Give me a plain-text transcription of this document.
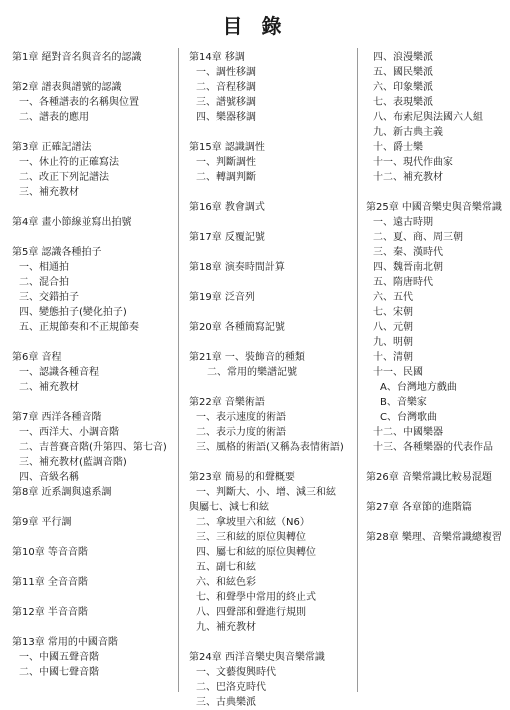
目 錄
第1章 絕對音名與音名的認識
第2章 譜表與譜號的認識
一、各種譜表的名稱與位置
二、譜表的應用
第3章 正確記譜法
一、休止符的正確寫法
二、改正下列記譜法
三、補充教材
第4章 畫小節線並寫出拍號
第5章 認識各種拍子
一、相通拍
二、混合拍
三、交錯拍子
四、變態拍子(變化拍子)
五、正規節奏和不正規節奏
第6章 音程
一、認識各種音程
二、補充教材
第7章 西洋各種音階
一、西洋大、小調音階
二、吉普賽音階(升第四、第七音)
三、補充教材(藍調音階)
四、音級名稱
第8章 近系調與遠系調
第9章 平行調
第10章 等音音階
第11章 全音音階
第12章 半音音階
第13章 常用的中國音階
一、中國五聲音階
二、中國七聲音階
第14章 移調
一、調性移調
二、音程移調
三、譜號移調
四、樂器移調
第15章 認識調性
一、判斷調性
二、轉調判斷
第16章 教會調式
第17章 反覆記號
第18章 演奏時間計算
第19章 泛音列
第20章 各種簡寫記號
第21章 一、裝飾音的種類
二、常用的樂譜記號
第22章 音樂術語
一、表示速度的術語
二、表示力度的術語
三、風格的術語(又稱為表情術語)
第23章 簡易的和聲概要
一、判斷大、小、增、減三和絃
與屬七、減七和絃
二、拿坡里六和絃（N6）
三、三和絃的原位與轉位
四、屬七和絃的原位與轉位
五、副七和絃
六、和絃色彩
七、和聲學中常用的終止式
八、四聲部和聲進行規則
九、補充教材
第24章 西洋音樂史與音樂常識
一、文藝復興時代
二、巴洛克時代
三、古典樂派
四、浪漫樂派
五、國民樂派
六、印象樂派
七、表現樂派
八、布索尼與法國六人組
九、新古典主義
十、爵士樂
十一、現代作曲家
十二、補充教材
第25章 中國音樂史與音樂常識
一、遠古時期
二、夏、商、周三朝
三、秦、漢時代
四、魏晉南北朝
五、隋唐時代
六、五代
七、宋朝
八、元朝
九、明朝
十、清朝
十一、民國
A、台灣地方戲曲
B、音樂家
C、台灣歌曲
十二、中國樂器
十三、各種樂器的代表作品
第26章 音樂常識比較易混題
第27章 各章節的進階篇
第28章 樂理、音樂常識總複習
